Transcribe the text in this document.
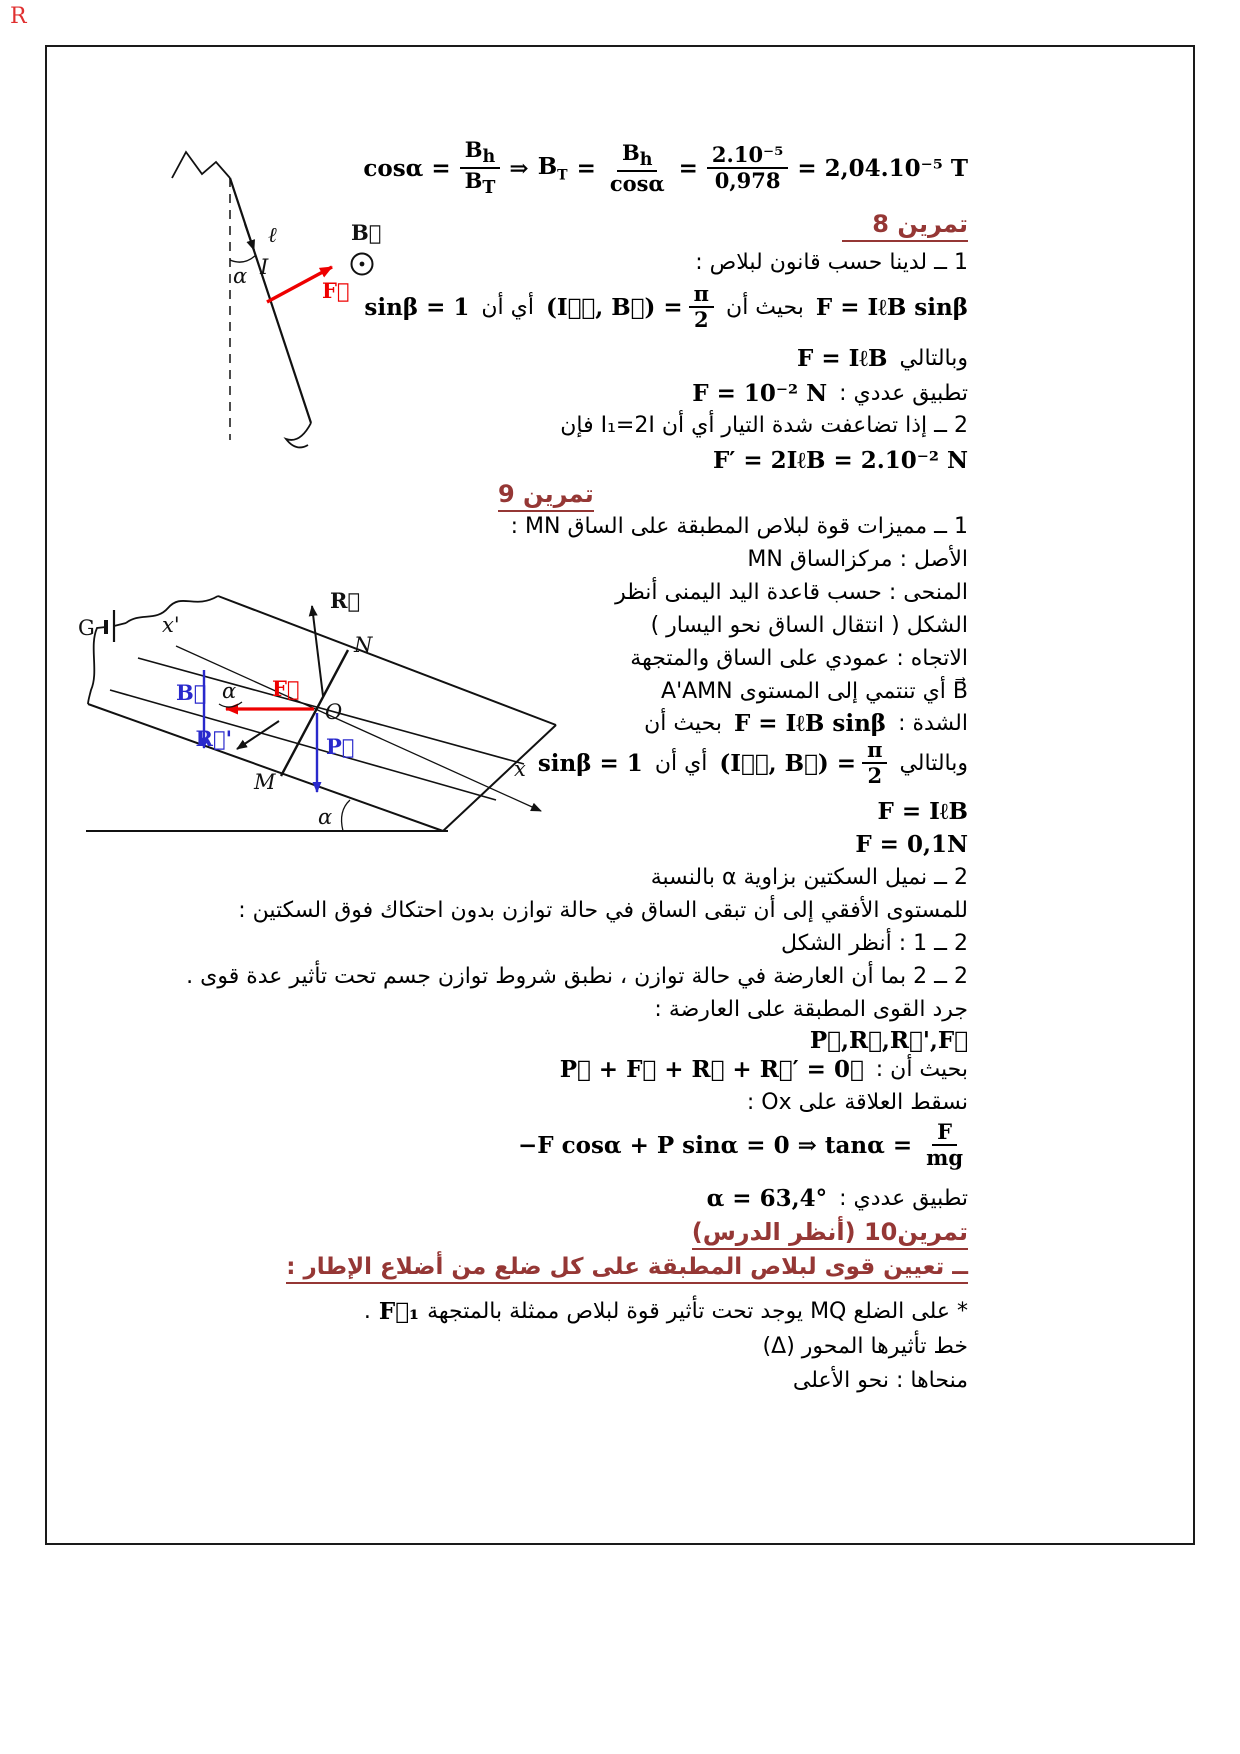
R
α I
ℓ
F⃗
B⃗
G	x'
x
N
O
M
R⃗
F⃗
B⃗
P⃗
R⃗'
α
α
$\cos\alpha = \frac{B_h}{B_T}$ ⇒ $B_T = \frac{B_h}{\cos\alpha} = \frac{\text{2.10⁻⁵}}{0,978} = 2,04.10^{-5}$ T
تمرين 8
1 ــ لدينا حسب قانون لبلاص :
F = IℓB sinβ
بحيث أن
(Iℓ⃗, B⃗) = $\frac{\pi}{2}$
أي أن
sinβ = 1
وبالتالي
F = IℓB
تطبيق عددي :
F = 10⁻² N
2 ــ إذا تضاعفت شدة التيار أي أن I₁=2I فإن
F′ = 2IℓB = 2.10⁻² N
تمرين 9
1 ــ مميزات قوة لبلاص المطبقة على الساق MN :
الأصل : مركزالساق MN
المنحى : حسب قاعدة اليد اليمنى أنظر
الشكل ( انتقال الساق نحو اليسار )
الاتجاه : عمودي على الساق والمتجهة
B⃗ أي تنتمي إلى المستوى A'AMN
الشدة :
F = IℓB sinβ
بحيث أن
وبالتالي
(Iℓ⃗, B⃗) = $\frac{\pi}{2}$
أي أن
sinβ = 1
F = IℓB
F = 0,1N
2 ــ نميل السكتين بزاوية α بالنسبة
للمستوى الأفقي إلى أن تبقى الساق في حالة توازن بدون احتكاك فوق السكتين :
2 ــ 1 : أنظر الشكل
2 ــ 2 بما أن العارضة في حالة توازن ، نطبق شروط توازن جسم تحت تأثير عدة قوى .
جرد القوى المطبقة على العارضة :
P⃗,R⃗,R⃗',F⃗
بحيث أن :
P⃗ + F⃗ + R⃗ + R⃗′ = 0⃗
نسقط العلاقة على Ox :
−F cosα + P sinα = 0 ⇒ $\tan\alpha = \frac{F}{mg}$
تطبيق عددي :
α = 63,4°
تمرين10 (أنظر الدرس)
ــ تعيين قوى لبلاص المطبقة على كل ضلع من أضلاع الإطار :
* على الضلع MQ يوجد تحت تأثير قوة لبلاص ممثلة بالمتجهة
F⃗₁
.
خط تأثيرها المحور (Δ)
منحاها : نحو الأعلى
